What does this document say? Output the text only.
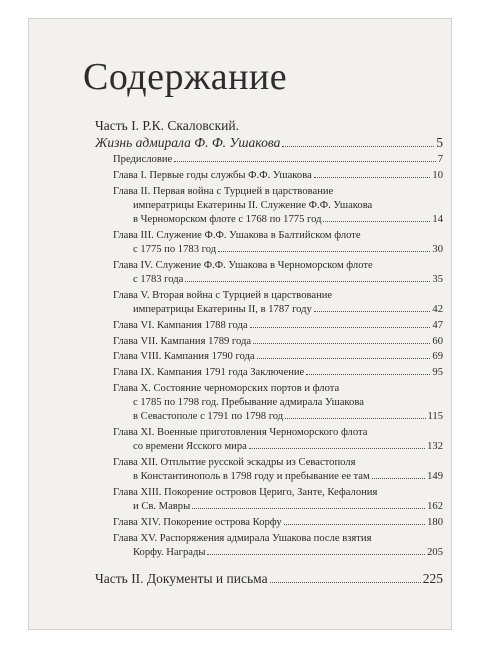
Содержание
Часть I. Р.К. Скаловский.
Жизнь адмирала Ф. Ф. Ушакова	5
Предисловие	7
Глава I. Первые годы службы Ф.Ф. Ушакова	10
Глава II. Первая война с Турцией в царствование
императрицы Екатерины II. Служение Ф.Ф. Ушакова
в Черноморском флоте с 1768 по 1775 год	14
Глава III. Служение Ф.Ф. Ушакова в Балтийском флоте
с 1775 по 1783 год	30
Глава IV. Служение Ф.Ф. Ушакова в Черноморском флоте
с 1783 года	35
Глава V. Вторая война с Турцией в царствование
императрицы Екатерины II, в 1787 году	42
Глава VI. Кампания 1788 года	47
Глава VII. Кампания 1789 года	60
Глава VIII. Кампания 1790 года	69
Глава IX. Кампания 1791 года Заключение	95
Глава X. Состояние черноморских портов и флота
с 1785 по 1798 год. Пребывание адмирала Ушакова
в Севастополе с 1791 по 1798 год	115
Глава XI. Военные приготовления Черноморского флота
со времени Ясского мира	132
Глава XII. Отплытие русской эскадры из Севастополя
в Константинополь в 1798 году и пребывание ее там	149
Глава XIII. Покорение островов Цериго, Занте, Кефалония
и Св. Мавры	162
Глава XIV. Покорение острова Корфу	180
Глава XV. Распоряжения адмирала Ушакова после взятия
Корфу. Награды	205
Часть II. Документы и письма	225
